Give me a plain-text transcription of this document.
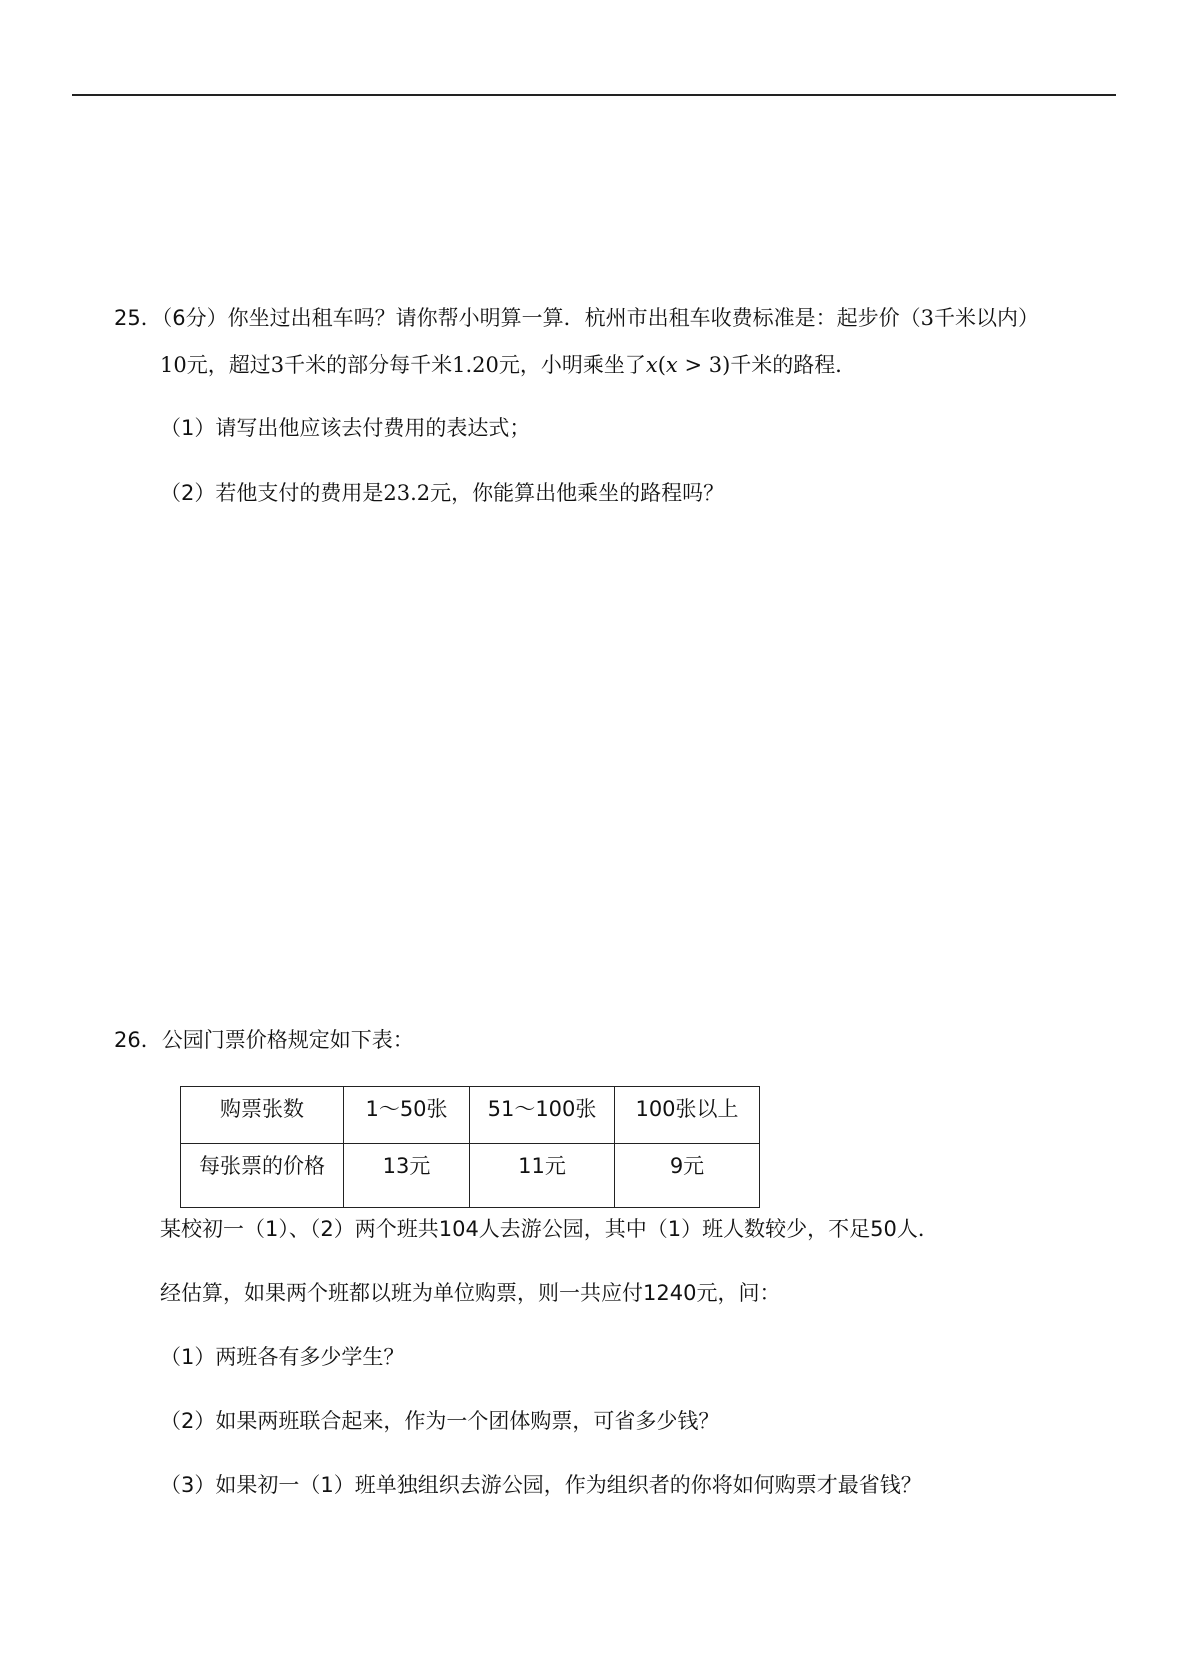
25．（6分）你坐过出租车吗？请你帮小明算一算．杭州市出租车收费标准是：起步价（3千米以内）
10元，超过3千米的部分每千米1.20元，小明乘坐了x(x > 3)千米的路程．
（1）请写出他应该去付费用的表达式；
（2）若他支付的费用是23.2元，你能算出他乘坐的路程吗？
26．公园门票价格规定如下表：
购票张数	1～50张	51～100张	100张以上
每张票的价格	13元	11元	9元
某校初一（1）、（2）两个班共104人去游公园，其中（1）班人数较少，不足50人．
经估算，如果两个班都以班为单位购票，则一共应付1240元，问：
（1）两班各有多少学生？
（2）如果两班联合起来，作为一个团体购票，可省多少钱？
（3）如果初一（1）班单独组织去游公园，作为组织者的你将如何购票才最省钱？
